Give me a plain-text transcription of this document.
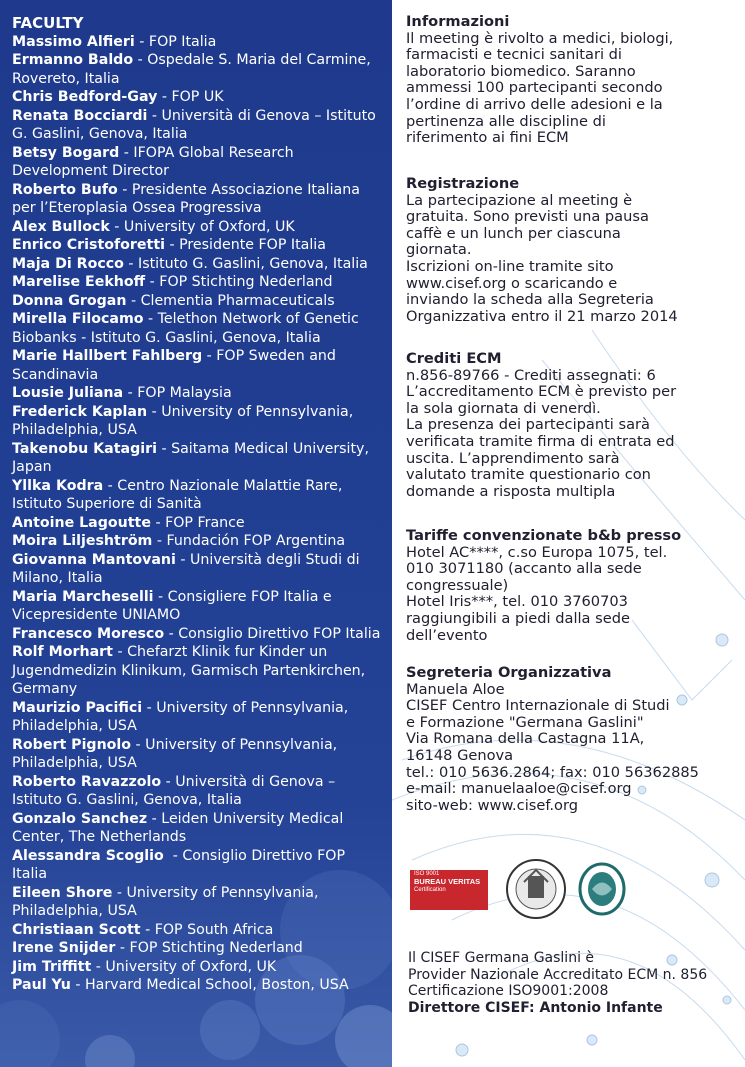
FACULTY
Massimo Alfieri - FOP Italia
Ermanno Baldo - Ospedale S. Maria del Carmine, Rovereto, Italia
Chris Bedford-Gay - FOP UK
Renata Bocciardi - Università di Genova – Istituto G. Gaslini, Genova, Italia
Betsy Bogard - IFOPA Global Research Development Director
Roberto Bufo - Presidente Associazione Italiana per l’Eteroplasia Ossea Progressiva
Alex Bullock - University of Oxford, UK
Enrico Cristoforetti - Presidente FOP Italia
Maja Di Rocco - Istituto G. Gaslini, Genova, Italia
Marelise Eekhoff - FOP Stichting Nederland
Donna Grogan - Clementia Pharmaceuticals
Mirella Filocamo - Telethon Network of Genetic Biobanks - Istituto G. Gaslini, Genova, Italia
Marie Hallbert Fahlberg - FOP Sweden and Scandinavia
Lousie Juliana - FOP Malaysia
Frederick Kaplan - University of Pennsylvania, Philadelphia, USA
Takenobu Katagiri - Saitama Medical University, Japan
Yllka Kodra - Centro Nazionale Malattie Rare, Istituto Superiore di Sanità
Antoine Lagoutte - FOP France
Moira Liljeshtröm - Fundación FOP Argentina
Giovanna Mantovani - Università degli Studi di Milano, Italia
Maria Marcheselli - Consigliere FOP Italia e Vicepresidente UNIAMO
Francesco Moresco - Consiglio Direttivo FOP Italia
Rolf Morhart - Chefarzt Klinik fur Kinder un Jugendmedizin Klinikum, Garmisch Partenkirchen, Germany
Maurizio Pacifici - University of Pennsylvania, Philadelphia, USA
Robert Pignolo - University of Pennsylvania, Philadelphia, USA
Roberto Ravazzolo - Università di Genova – Istituto G. Gaslini, Genova, Italia
Gonzalo Sanchez - Leiden University Medical Center, The Netherlands
Alessandra Scoglio  - Consiglio Direttivo FOP Italia
Eileen Shore - University of Pennsylvania, Philadelphia, USA
Christiaan Scott - FOP South Africa
Irene Snijder - FOP Stichting Nederland
Jim Triffitt - University of Oxford, UK
Paul Yu - Harvard Medical School, Boston, USA
Informazioni
Il meeting è rivolto a medici, biologi,
farmacisti e tecnici sanitari di
laboratorio biomedico. Saranno
ammessi 100 partecipanti secondo
l’ordine di arrivo delle adesioni e la
pertinenza alle discipline di
riferimento ai fini ECM
Registrazione
La partecipazione al meeting è
gratuita. Sono previsti una pausa
caffè e un lunch per ciascuna
giornata.
Iscrizioni on-line tramite sito
www.cisef.org o scaricando e
inviando la scheda alla Segreteria
Organizzativa entro il 21 marzo 2014
Crediti ECM
n.856-89766 - Crediti assegnati: 6
L’accreditamento ECM è previsto per
la sola giornata di venerdì.
La presenza dei partecipanti sarà
verificata tramite firma di entrata ed
uscita. L’apprendimento sarà
valutato tramite questionario con
domande a risposta multipla
Tariffe convenzionate b&b presso
Hotel AC****, c.so Europa 1075, tel.
010 3071180 (accanto alla sede
congressuale)
Hotel Iris***, tel. 010 3760703
raggiungibili a piedi dalla sede
dell’evento
Segreteria Organizzativa
Manuela Aloe
CISEF Centro Internazionale di Studi
e Formazione "Germana Gaslini"
Via Romana della Castagna 11A,
16148 Genova
tel.: 010 5636.2864; fax: 010 56362885
e-mail: manuelaaloe@cisef.org
sito-web: www.cisef.org
ISO 9001
BUREAU VERITAS
Certification
Il CISEF Germana Gaslini è
Provider Nazionale Accreditato ECM n. 856
Certificazione ISO9001:2008
Direttore CISEF: Antonio Infante
